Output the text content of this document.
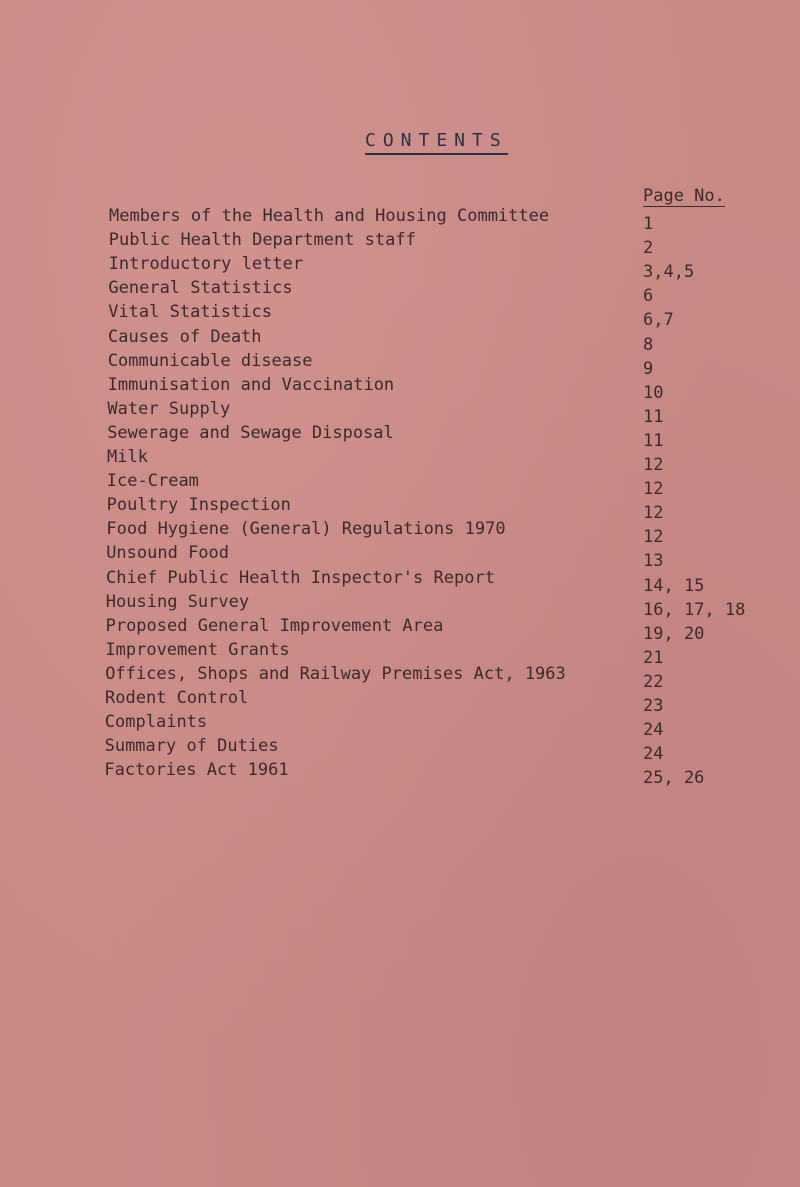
CONTENTS
Page No.
Members of the Health and Housing Committee	1
Public Health Department staff	2
Introductory letter	3,4,5
General Statistics	6
Vital Statistics	6,7
Causes of Death	8
Communicable disease	9
Immunisation and Vaccination	10
Water Supply	11
Sewerage and Sewage Disposal	11
Milk	12
Ice-Cream	12
Poultry Inspection	12
Food Hygiene (General) Regulations 1970	12
Unsound Food	13
Chief Public Health Inspector's Report	14, 15
Housing Survey	16, 17, 18
Proposed General Improvement Area	19, 20
Improvement Grants	21
Offices, Shops and Railway Premises Act, 1963	22
Rodent Control	23
Complaints	24
Summary of Duties	24
Factories Act 1961	25, 26
